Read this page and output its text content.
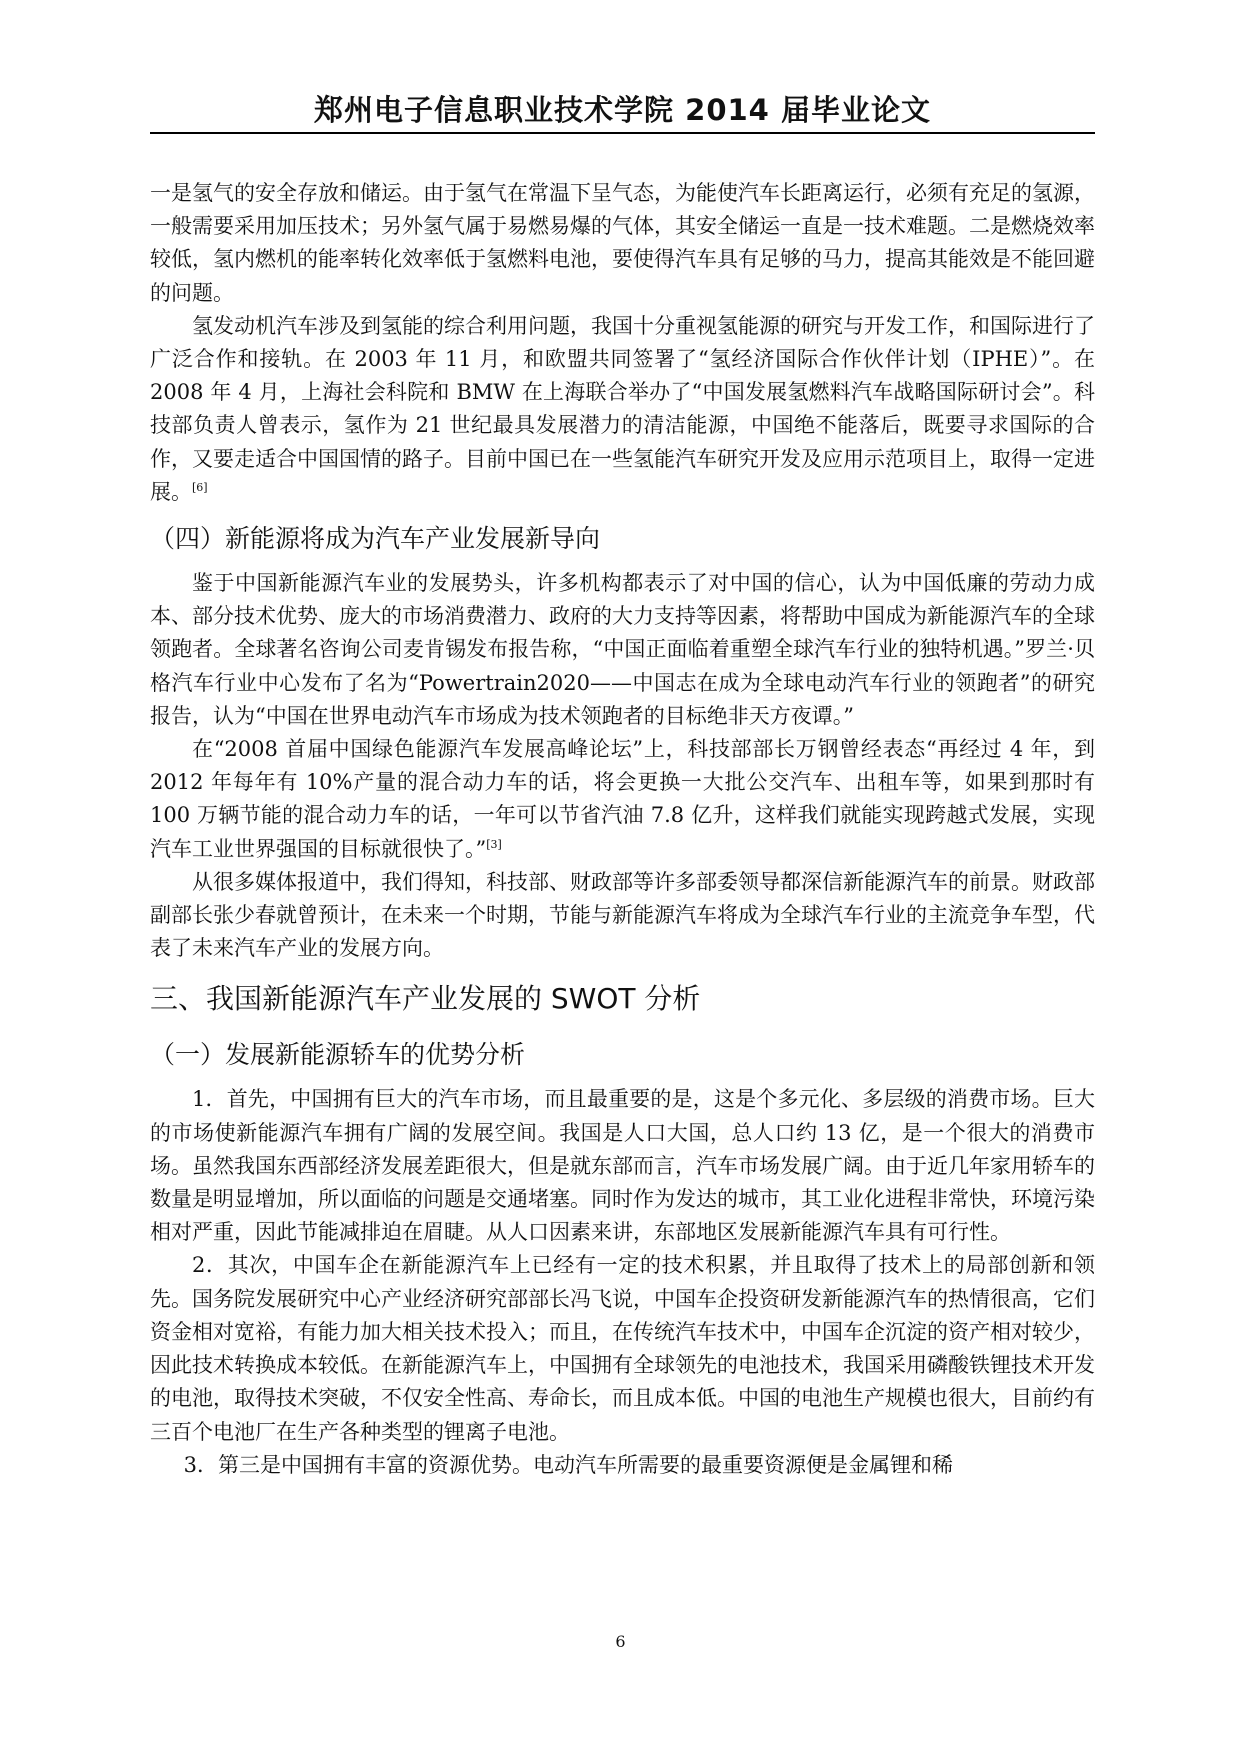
郑州电子信息职业技术学院 2014 届毕业论文

一是氢气的安全存放和储运。由于氢气在常温下呈气态，为能使汽车长距离运行，必须有充足的氢源，一般需要采用加压技术；另外氢气属于易燃易爆的气体，其安全储运一直是一技术难题。二是燃烧效率较低，氢内燃机的能率转化效率低于氢燃料电池，要使得汽车具有足够的马力，提高其能效是不能回避的问题。

氢发动机汽车涉及到氢能的综合利用问题，我国十分重视氢能源的研究与开发工作，和国际进行了广泛合作和接轨。在 2003 年 11 月，和欧盟共同签署了“氢经济国际合作伙伴计划（IPHE）”。在 2008 年 4 月，上海社会科院和 BMW 在上海联合举办了“中国发展氢燃料汽车战略国际研讨会”。科技部负责人曾表示，氢作为 21 世纪最具发展潜力的清洁能源，中国绝不能落后，既要寻求国际的合作，又要走适合中国国情的路子。目前中国已在一些氢能汽车研究开发及应用示范项目上，取得一定进展。[6]

（四）新能源将成为汽车产业发展新导向

鉴于中国新能源汽车业的发展势头，许多机构都表示了对中国的信心，认为中国低廉的劳动力成本、部分技术优势、庞大的市场消费潜力、政府的大力支持等因素，将帮助中国成为新能源汽车的全球领跑者。全球著名咨询公司麦肯锡发布报告称，“中国正面临着重塑全球汽车行业的独特机遇。”罗兰·贝格汽车行业中心发布了名为“Powertrain2020——中国志在成为全球电动汽车行业的领跑者”的研究报告，认为“中国在世界电动汽车市场成为技术领跑者的目标绝非天方夜谭。”

在“2008 首届中国绿色能源汽车发展高峰论坛”上，科技部部长万钢曾经表态“再经过 4 年，到 2012 年每年有 10%产量的混合动力车的话，将会更换一大批公交汽车、出租车等，如果到那时有 100 万辆节能的混合动力车的话，一年可以节省汽油 7.8 亿升，这样我们就能实现跨越式发展，实现汽车工业世界强国的目标就很快了。”[3]

从很多媒体报道中，我们得知，科技部、财政部等许多部委领导都深信新能源汽车的前景。财政部副部长张少春就曾预计，在未来一个时期，节能与新能源汽车将成为全球汽车行业的主流竞争车型，代表了未来汽车产业的发展方向。

三、我国新能源汽车产业发展的 SWOT 分析
（一）发展新能源轿车的优势分析

1．首先，中国拥有巨大的汽车市场，而且最重要的是，这是个多元化、多层级的消费市场。巨大的市场使新能源汽车拥有广阔的发展空间。我国是人口大国，总人口约 13 亿，是一个很大的消费市场。虽然我国东西部经济发展差距很大，但是就东部而言，汽车市场发展广阔。由于近几年家用轿车的数量是明显增加，所以面临的问题是交通堵塞。同时作为发达的城市，其工业化进程非常快，环境污染相对严重，因此节能减排迫在眉睫。从人口因素来讲，东部地区发展新能源汽车具有可行性。

2．其次，中国车企在新能源汽车上已经有一定的技术积累，并且取得了技术上的局部创新和领先。国务院发展研究中心产业经济研究部部长冯飞说，中国车企投资研发新能源汽车的热情很高，它们资金相对宽裕，有能力加大相关技术投入；而且，在传统汽车技术中，中国车企沉淀的资产相对较少，因此技术转换成本较低。在新能源汽车上，中国拥有全球领先的电池技术，我国采用磷酸铁锂技术开发的电池，取得技术突破，不仅安全性高、寿命长，而且成本低。中国的电池生产规模也很大，目前约有三百个电池厂在生产各种类型的锂离子电池。

3．第三是中国拥有丰富的资源优势。电动汽车所需要的最重要资源便是金属锂和稀

6
